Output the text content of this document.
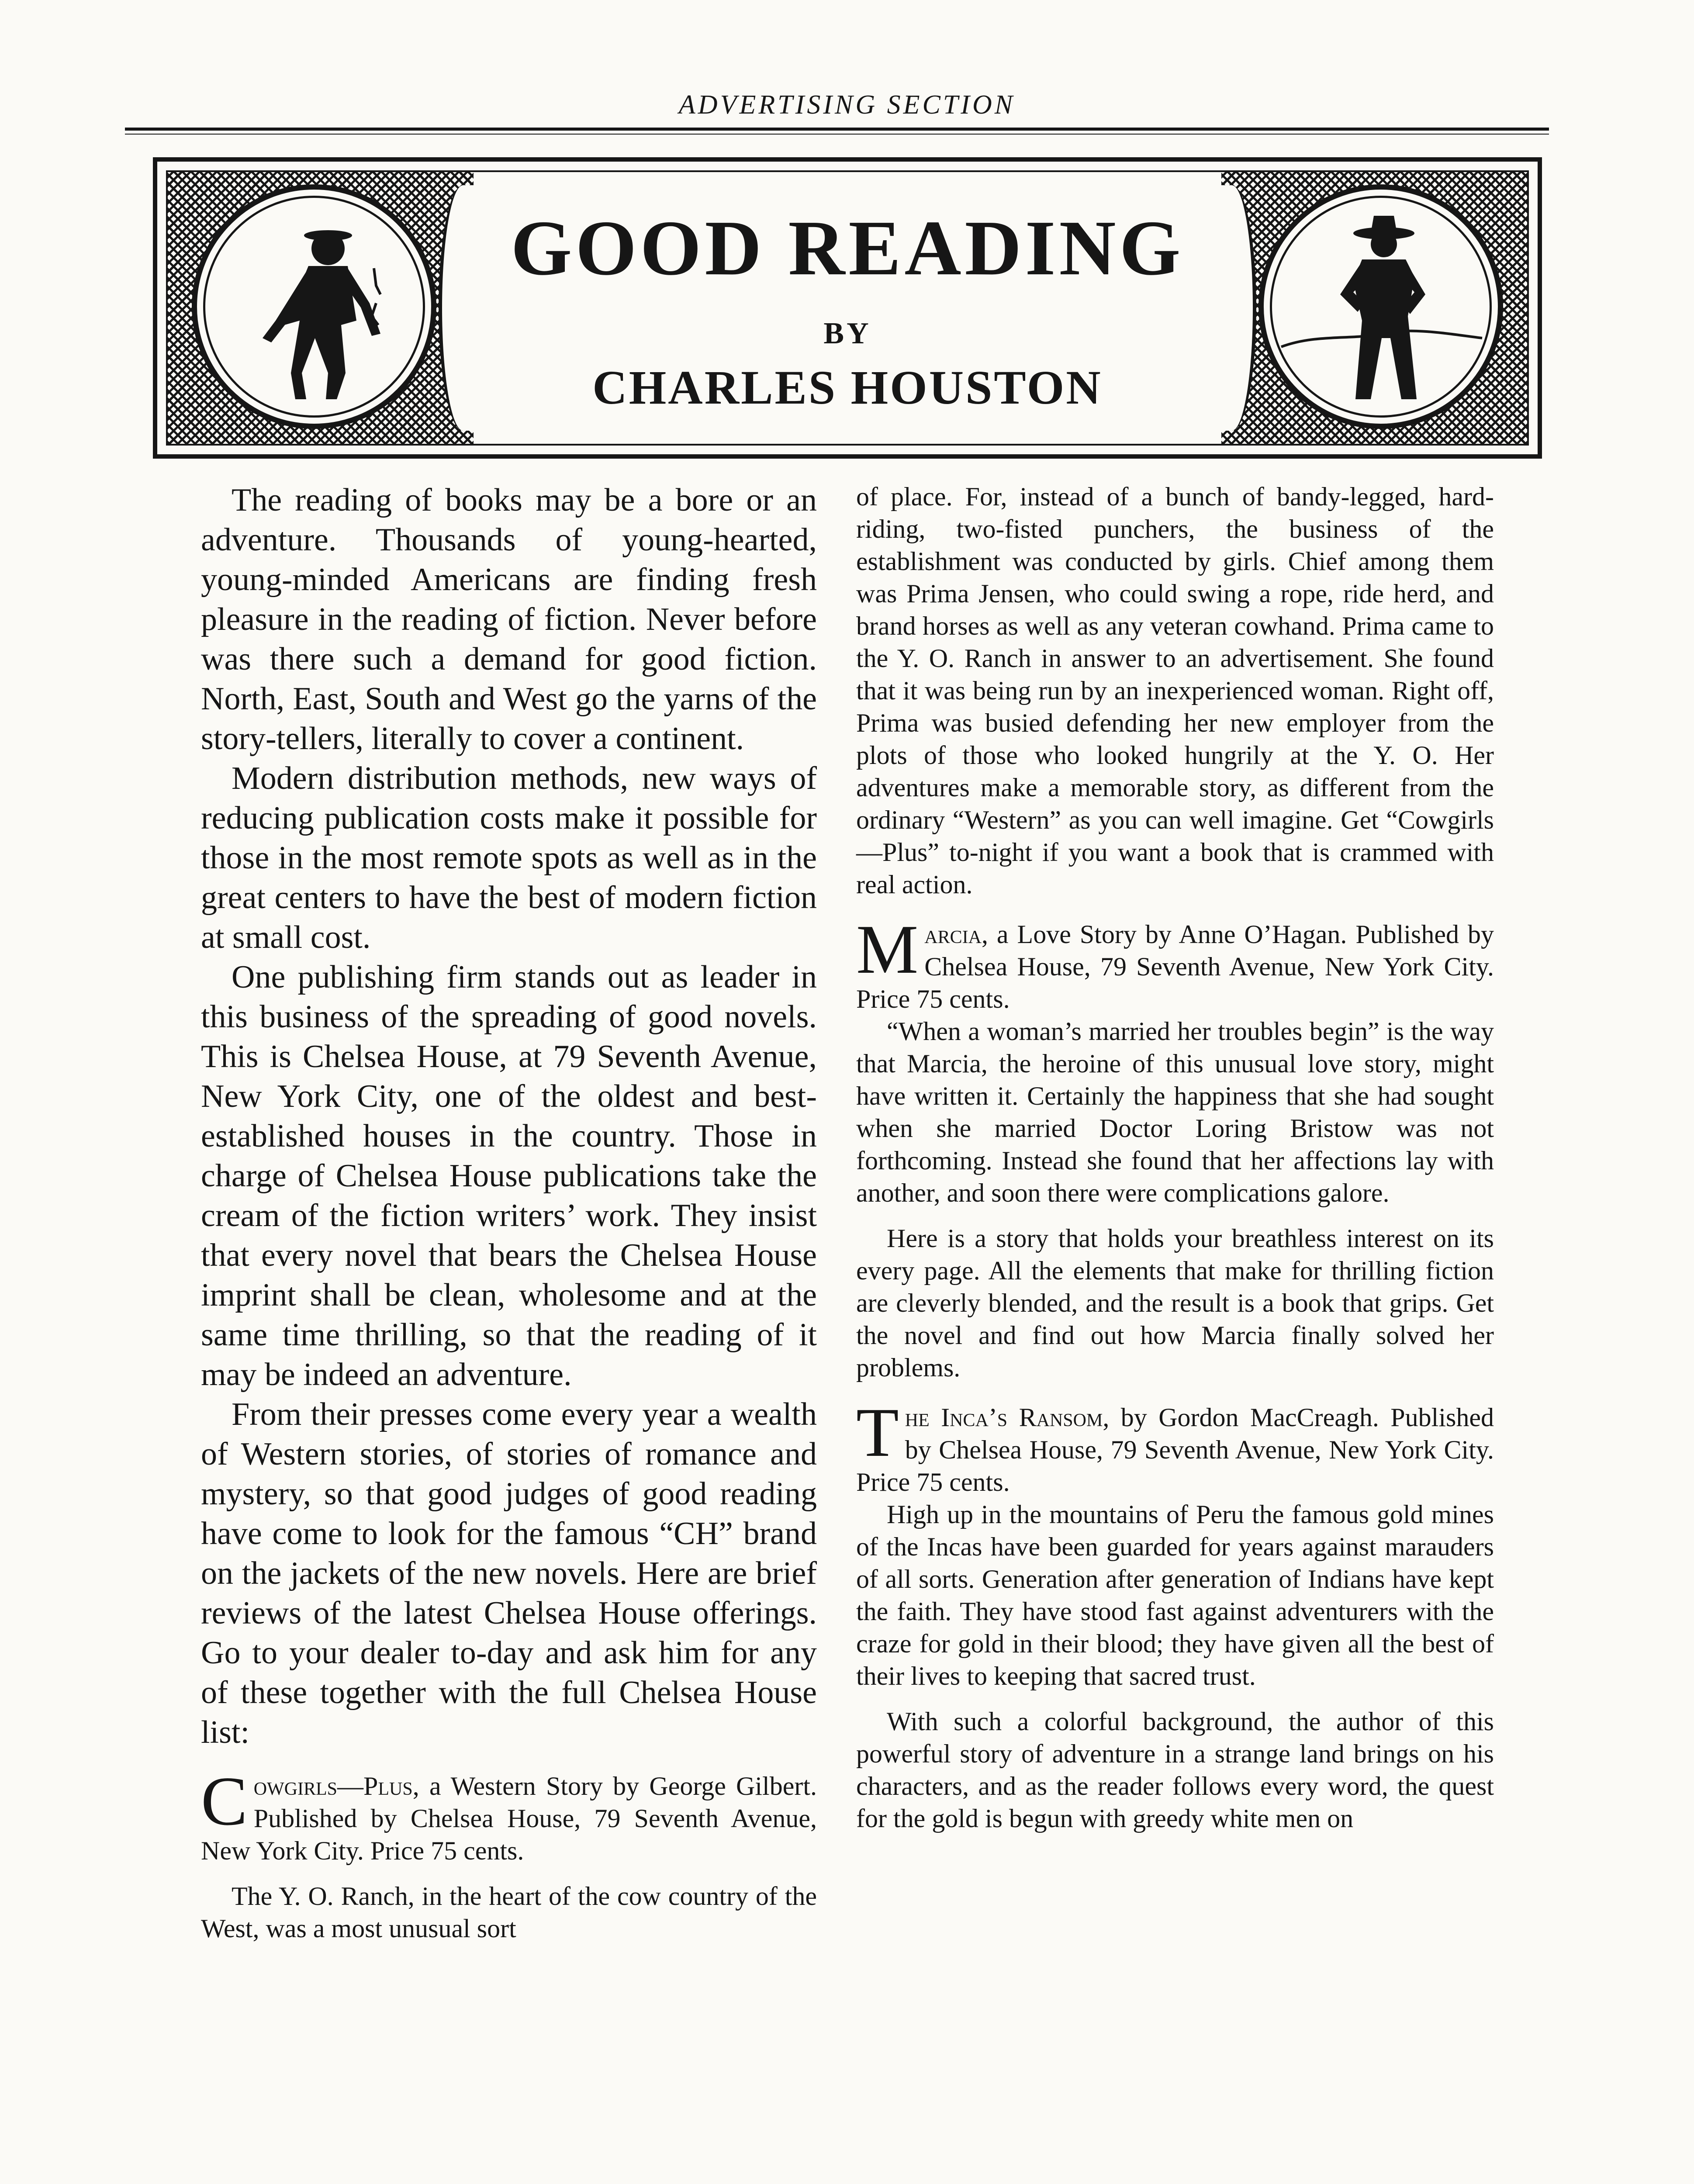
ADVERTISING SECTION
GOOD READING
BY
CHARLES HOUSTON

The reading of books may be a bore or an adventure. Thousands of young-hearted, young-minded Americans are finding fresh pleasure in the reading of fiction. Never before was there such a demand for good fiction. North, East, South and West go the yarns of the story-tellers, literally to cover a continent.

Modern distribution methods, new ways of reducing publication costs make it possible for those in the most remote spots as well as in the great centers to have the best of modern fiction at small cost.

One publishing firm stands out as leader in this business of the spreading of good novels. This is Chelsea House, at 79 Seventh Avenue, New York City, one of the oldest and best-established houses in the country. Those in charge of Chelsea House publications take the cream of the fiction writers’ work. They insist that every novel that bears the Chelsea House imprint shall be clean, wholesome and at the same time thrilling, so that the reading of it may be indeed an adventure.

From their presses come every year a wealth of Western stories, of stories of romance and mystery, so that good judges of good reading have come to look for the famous “CH” brand on the jackets of the new novels. Here are brief reviews of the latest Chelsea House offerings. Go to your dealer to-day and ask him for any of these together with the full Chelsea House list:

Cowgirls—Plus, a Western Story by George Gilbert. Published by Chelsea House, 79 Seventh Avenue, New York City. Price 75 cents.

The Y. O. Ranch, in the heart of the cow country of the West, was a most unusual sort

of place. For, instead of a bunch of bandy-legged, hard-riding, two-fisted punchers, the business of the establishment was conducted by girls. Chief among them was Prima Jensen, who could swing a rope, ride herd, and brand horses as well as any veteran cowhand. Prima came to the Y. O. Ranch in answer to an advertisement. She found that it was being run by an inexperienced woman. Right off, Prima was busied defending her new employer from the plots of those who looked hungrily at the Y. O. Her adventures make a memorable story, as different from the ordinary “Western” as you can well imagine. Get “Cowgirls—Plus” to-night if you want a book that is crammed with real action.

Marcia, a Love Story by Anne O’Hagan. Published by Chelsea House, 79 Seventh Avenue, New York City. Price 75 cents.

“When a woman’s married her troubles begin” is the way that Marcia, the heroine of this unusual love story, might have written it. Certainly the happiness that she had sought when she married Doctor Loring Bristow was not forthcoming. Instead she found that her affections lay with another, and soon there were complications galore.

Here is a story that holds your breathless interest on its every page. All the elements that make for thrilling fiction are cleverly blended, and the result is a book that grips. Get the novel and find out how Marcia finally solved her problems.

The Inca’s Ransom, by Gordon MacCreagh. Published by Chelsea House, 79 Seventh Avenue, New York City. Price 75 cents.

High up in the mountains of Peru the famous gold mines of the Incas have been guarded for years against marauders of all sorts. Generation after generation of Indians have kept the faith. They have stood fast against adventurers with the craze for gold in their blood; they have given all the best of their lives to keeping that sacred trust.

With such a colorful background, the author of this powerful story of adventure in a strange land brings on his characters, and as the reader follows every word, the quest for the gold is begun with greedy white men on
